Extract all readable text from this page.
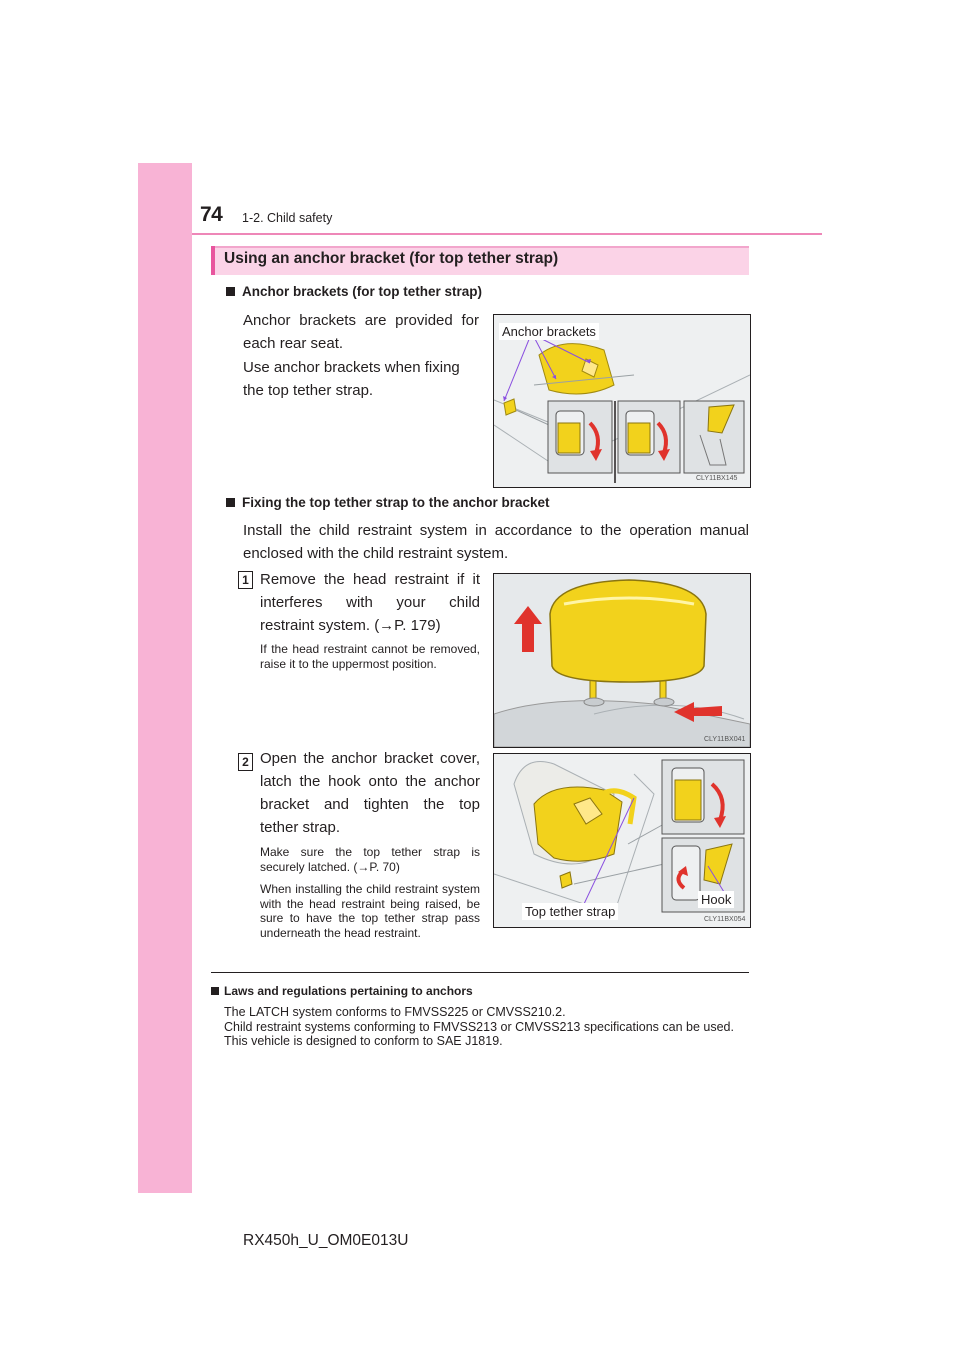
74 1-2. Child safety
Using an anchor bracket (for top tether strap)
Anchor brackets (for top tether strap)
Anchor brackets are provided for each rear seat.
Use anchor brackets when fixing the top tether strap.
Anchor brackets
CLY11BX145
Fixing the top tether strap to the anchor bracket
Install the child restraint system in accordance to the operation manual enclosed with the child restraint system.
1 Remove the head restraint if it interferes with your child restraint system. (→P. 179)
If the head restraint cannot be removed, raise it to the uppermost position.
CLY11BX041
2 Open the anchor bracket cover, latch the hook onto the anchor bracket and tighten the top tether strap.
Make sure the top tether strap is securely latched. (→P. 70)
When installing the child restraint system with the head restraint being raised, be sure to have the top tether strap pass underneath the head restraint.
Top tether strap
Hook
CLY11BX054
Laws and regulations pertaining to anchors
The LATCH system conforms to FMVSS225 or CMVSS210.2.
Child restraint systems conforming to FMVSS213 or CMVSS213 specifications can be used.
This vehicle is designed to conform to SAE J1819.
RX450h_U_OM0E013U
